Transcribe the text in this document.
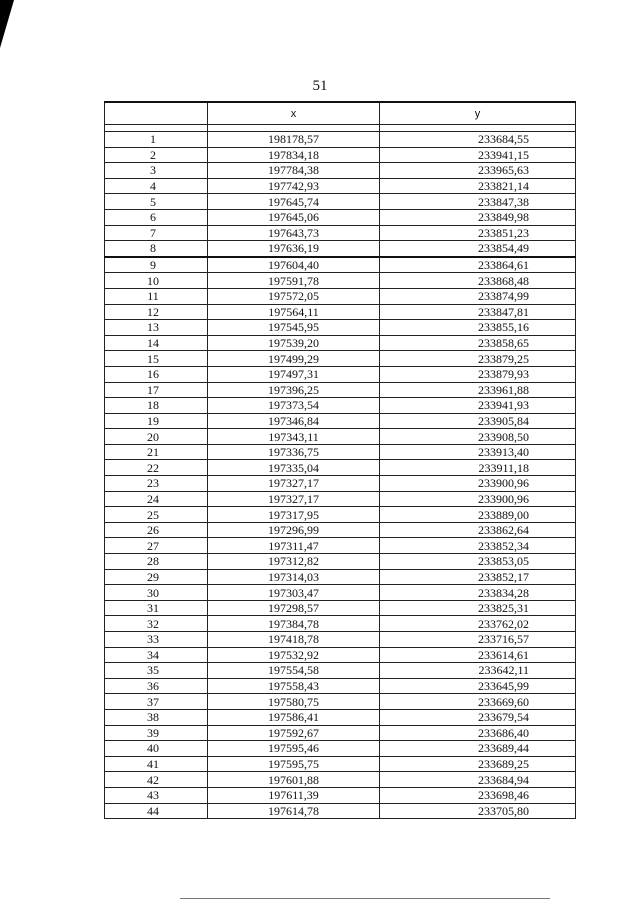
51
	x	y

1	198178,57	233684,55
2	197834,18	233941,15
3	197784,38	233965,63
4	197742,93	233821,14
5	197645,74	233847,38
6	197645,06	233849,98
7	197643,73	233851,23
8	197636,19	233854,49
9	197604,40	233864,61
10	197591,78	233868,48
11	197572,05	233874,99
12	197564,11	233847,81
13	197545,95	233855,16
14	197539,20	233858,65
15	197499,29	233879,25
16	197497,31	233879,93
17	197396,25	233961,88
18	197373,54	233941,93
19	197346,84	233905,84
20	197343,11	233908,50
21	197336,75	233913,40
22	197335,04	233911,18
23	197327,17	233900,96
24	197327,17	233900,96
25	197317,95	233889,00
26	197296,99	233862,64
27	197311,47	233852,34
28	197312,82	233853,05
29	197314,03	233852,17
30	197303,47	233834,28
31	197298,57	233825,31
32	197384,78	233762,02
33	197418,78	233716,57
34	197532,92	233614,61
35	197554,58	233642,11
36	197558,43	233645,99
37	197580,75	233669,60
38	197586,41	233679,54
39	197592,67	233686,40
40	197595,46	233689,44
41	197595,75	233689,25
42	197601,88	233684,94
43	197611,39	233698,46
44	197614,78	233705,80
